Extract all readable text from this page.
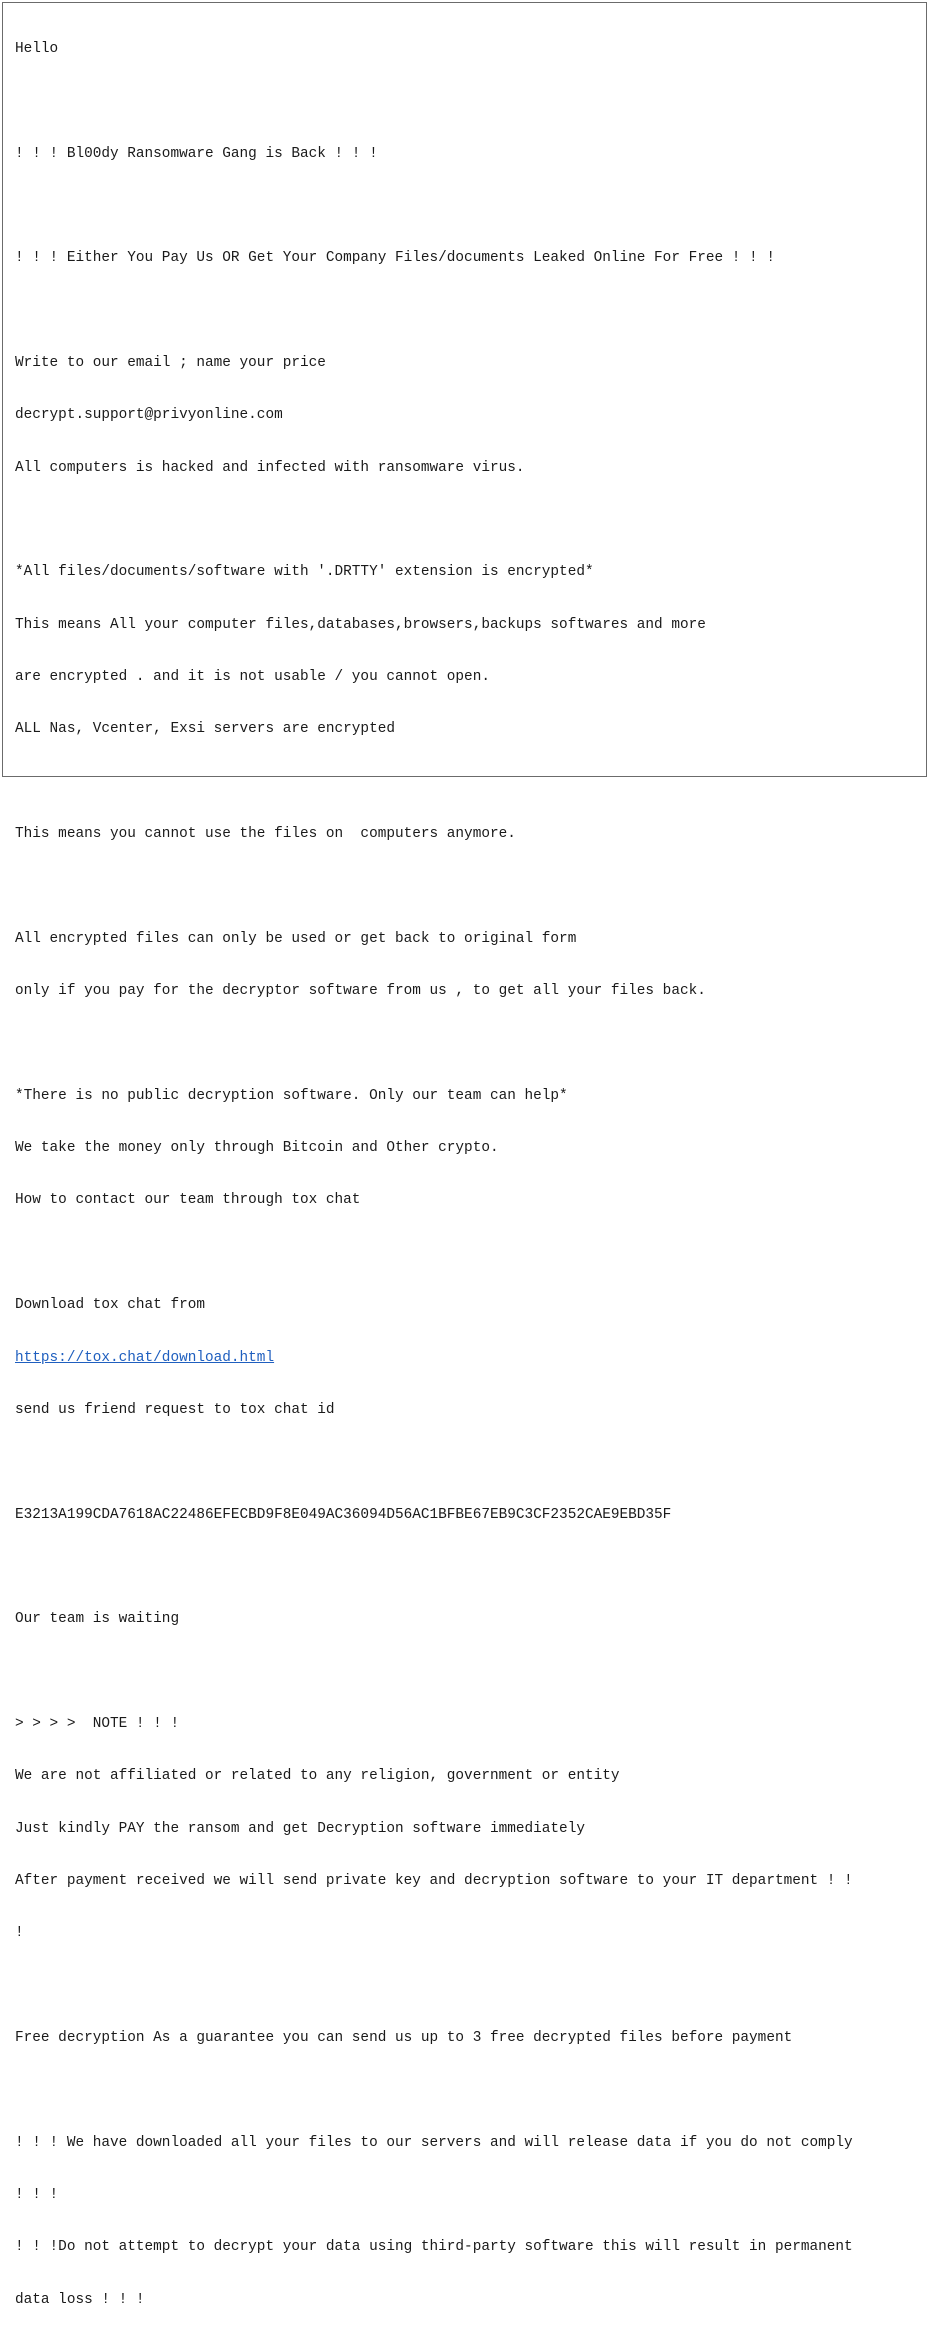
Hello

! ! ! Bl00dy Ransomware Gang is Back ! ! !

! ! ! Either You Pay Us OR Get Your Company Files/documents Leaked Online For Free ! ! !

Write to our email ; name your price

decrypt.support@privyonline.com

All computers is hacked and infected with ransomware virus.

*All files/documents/software with '.DRTTY' extension is encrypted*

This means All your computer files,databases,browsers,backups softwares and more

are encrypted . and it is not usable / you cannot open.

ALL Nas, Vcenter, Exsi servers are encrypted

This means you cannot use the files on  computers anymore.

All encrypted files can only be used or get back to original form

only if you pay for the decryptor software from us , to get all your files back.

*There is no public decryption software. Only our team can help*

We take the money only through Bitcoin and Other crypto.

How to contact our team through tox chat

Download tox chat from

https://tox.chat/download.html

send us friend request to tox chat id

E3213A199CDA7618AC22486EFECBD9F8E049AC36094D56AC1BFBE67EB9C3CF2352CAE9EBD35F

Our team is waiting

> > > >  NOTE ! ! !

We are not affiliated or related to any religion, government or entity

Just kindly PAY the ransom and get Decryption software immediately

After payment received we will send private key and decryption software to your IT department ! !

!

Free decryption As a guarantee you can send us up to 3 free decrypted files before payment

! ! ! We have downloaded all your files to our servers and will release data if you do not comply

! ! !

! ! !Do not attempt to decrypt your data using third-party software this will result in permanent

data loss ! ! !
